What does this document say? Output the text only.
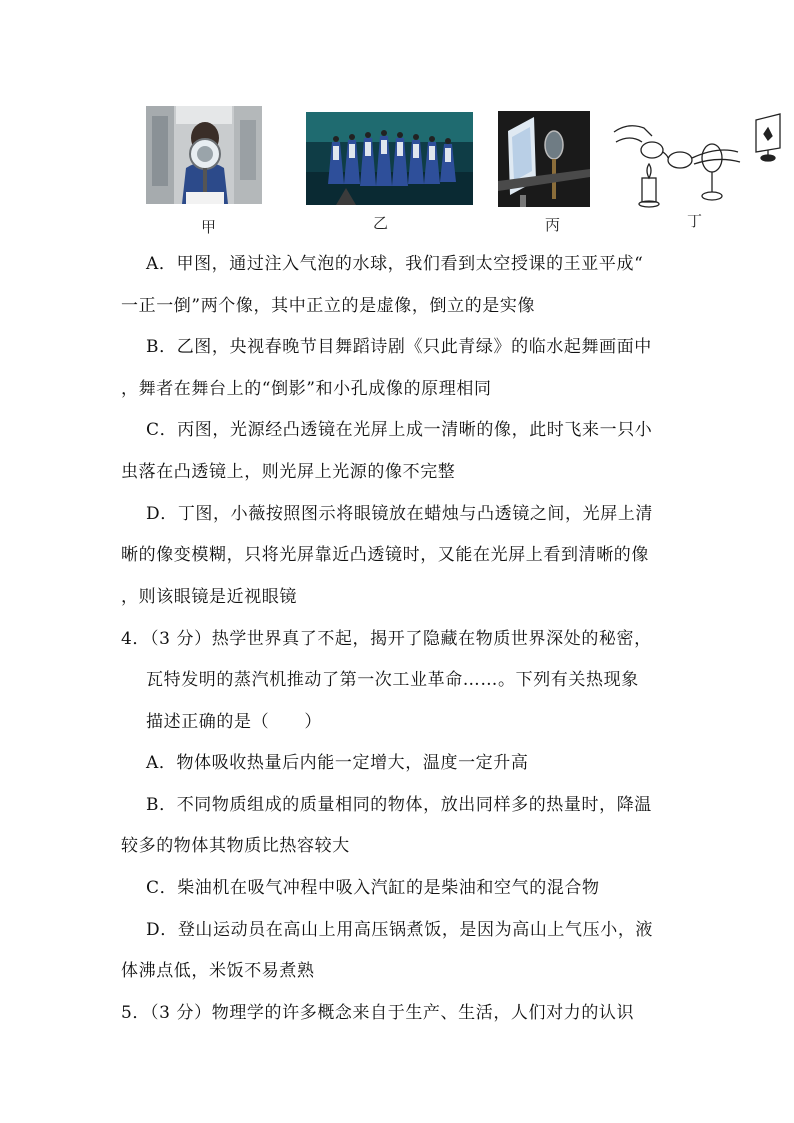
甲	乙	丙	丁
A．甲图，通过注入气泡的水球，我们看到太空授课的王亚平成“
一正一倒”两个像，其中正立的是虚像，倒立的是实像
B．乙图，央视春晚节目舞蹈诗剧《只此青绿》的临水起舞画面中
，舞者在舞台上的“倒影”和小孔成像的原理相同
C．丙图，光源经凸透镜在光屏上成一清晰的像，此时飞来一只小
虫落在凸透镜上，则光屏上光源的像不完整
D．丁图，小薇按照图示将眼镜放在蜡烛与凸透镜之间，光屏上清
晰的像变模糊，只将光屏靠近凸透镜时，又能在光屏上看到清晰的像
，则该眼镜是近视眼镜
4．（3 分）热学世界真了不起，揭开了隐藏在物质世界深处的秘密，
瓦特发明的蒸汽机推动了第一次工业革命……。下列有关热现象
描述正确的是（　　）
A．物体吸收热量后内能一定增大，温度一定升高
B．不同物质组成的质量相同的物体，放出同样多的热量时，降温
较多的物体其物质比热容较大
C．柴油机在吸气冲程中吸入汽缸的是柴油和空气的混合物
D．登山运动员在高山上用高压锅煮饭，是因为高山上气压小，液
体沸点低，米饭不易煮熟
5．（3 分）物理学的许多概念来自于生产、生活，人们对力的认识
